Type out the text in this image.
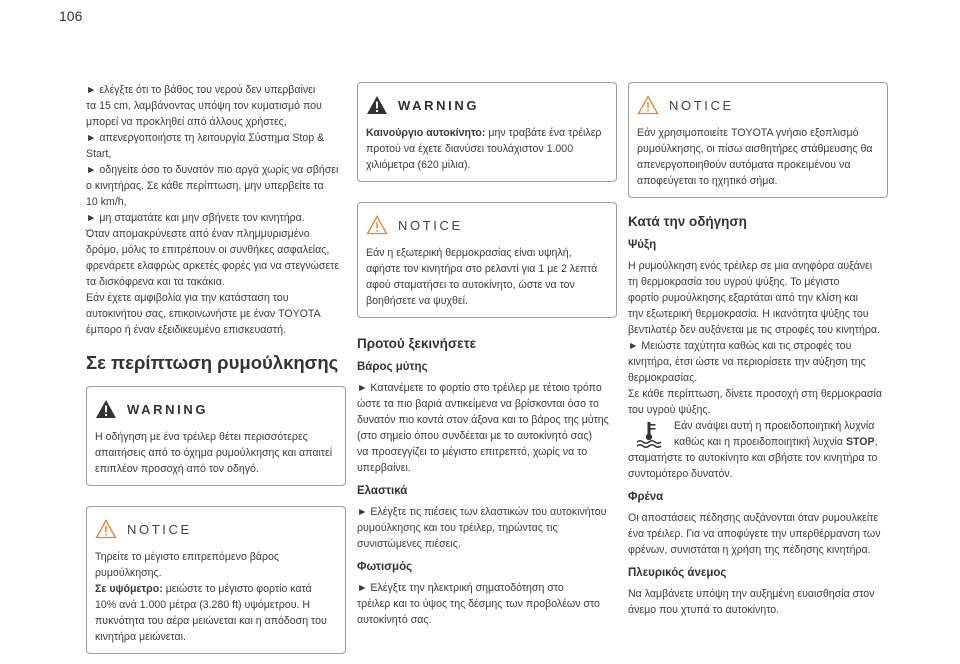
106

► ελέγξτε ότι το βάθος του νερού δεν υπερβαίνει
τα 15 cm, λαμβάνοντας υπόψη τον κυματισμό που
μπορεί να προκληθεί από άλλους χρήστες,
► απενεργοποιήστε τη λειτουργία Σύστημα Stop &
Start,
► οδηγείτε όσο το δυνατόν πιο αργά χωρίς να σβήσει
ο κινητήρας. Σε κάθε περίπτωση, μην υπερβείτε τα
10 km/h,
► μη σταματάτε και μην σβήνετε τον κινητήρα.
Όταν απομακρύνεστε από έναν πλημμυρισμένο
δρόμο, μόλις το επιτρέπουν οι συνθήκες ασφαλείας,
φρενάρετε ελαφρώς αρκετές φορές για να στεγνώσετε
τα δισκόφρενα και τα τακάκια.
Εάν έχετε αμφιβολία για την κατάσταση του
αυτοκινήτου σας, επικοινωνήστε με έναν TOYOTA
έμπορο ή έναν εξειδικευμένο επισκευαστή.

Σε περίπτωση ρυμούλκησης
WARNING

Η οδήγηση με ένα τρέιλερ θέτει περισσότερες
απαιτήσεις από το όχημα ρυμούλκησης και απαιτεί
επιπλέον προσοχή από τον οδηγό.

NOTICE

Τηρείτε το μέγιστο επιτρεπόμενο βάρος
ρυμούλκησης.
Σε υψόμετρο: μειώστε το μέγιστο φορτίο κατά
10% ανά 1.000 μέτρα (3.280 ft) υψόμετρου. Η
πυκνότητα του αέρα μειώνεται και η απόδοση του
κινητήρα μειώνεται.

WARNING

Καινούργιο αυτοκίνητο: μην τραβάτε ένα τρέιλερ
προτού να έχετε διανύσει τουλάχιστον 1.000
χιλιόμετρα (620 μίλια).

NOTICE

Εάν η εξωτερική θερμοκρασίας είναι υψηλή,
αφήστε τον κινητήρα στο ρελαντί για 1 με 2 λεπτά
αφού σταματήσει το αυτοκίνητο, ώστε να τον
βοηθήσετε να ψυχθεί.

Προτού ξεκινήσετε
Βάρος μύτης

► Κατανέμετε το φορτίο στο τρέιλερ με τέτοιο τρόπο
ώστε τα πιο βαριά αντικείμενα να βρίσκονται όσο το
δυνατόν πιο κοντά στον άξονα και το βάρος της μύτης
(στο σημείο όπου συνδέεται με το αυτοκίνητό σας)
να προσεγγίζει το μέγιστο επιτρεπτό, χωρίς να το
υπερβαίνει.

Ελαστικά

► Ελέγξτε τις πιέσεις των ελαστικών του αυτοκινήτου
ρυμούλκησης και του τρέιλερ, τηρώντας τις
συνιστώμενες πιέσεις.

Φωτισμός

► Ελέγξτε την ηλεκτρική σηματοδότηση στο
τρέιλερ και το ύψος της δέσμης των προβολέων στο
αυτοκίνητό σας.

NOTICE

Εάν χρησιμοποιείτε TOYOTA γνήσιο εξοπλισμό
ρυμούλκησης, οι πίσω αισθητήρες στάθμευσης θα
απενεργοποιηθούν αυτόματα προκειμένου να
αποφεύγεται το ηχητικό σήμα.

Κατά την οδήγηση
Ψύξη

Η ρυμούλκηση ενός τρέιλερ σε μια ανηφόρα αυξάνει
τη θερμοκρασία του υγρού ψύξης. Το μέγιστο
φορτίο ρυμούλκησης εξαρτάται από την κλίση και
την εξωτερική θερμοκρασία. Η ικανότητα ψύξης του
βεντιλατέρ δεν αυξάνεται με τις στροφές του κινητήρα.
► Μειώστε ταχύτητα καθώς και τις στροφές του
κινητήρα, έτσι ώστε να περιορίσετε την αύξηση της
θερμοκρασίας.
Σε κάθε περίπτωση, δίνετε προσοχή στη θερμοκρασία
του υγρού ψύξης.

Εάν ανάψει αυτή η προειδοποιητική λυχνία
καθώς και η προειδοποιητική λυχνία STOP,

σταματήστε το αυτοκίνητο και σβήστε τον κινητήρα το
συντομότερο δυνατόν.

Φρένα

Οι αποστάσεις πέδησης αυξάνονται όταν ρυμουλκείτε
ένα τρέιλερ. Για να αποφύγετε την υπερθέρμανση των
φρένων, συνιστάται η χρήση της πέδησης κινητήρα.

Πλευρικός άνεμος

Να λαμβάνετε υπόψη την αυξημένη ευαισθησία στον
άνεμο που χτυπά το αυτοκίνητο.
